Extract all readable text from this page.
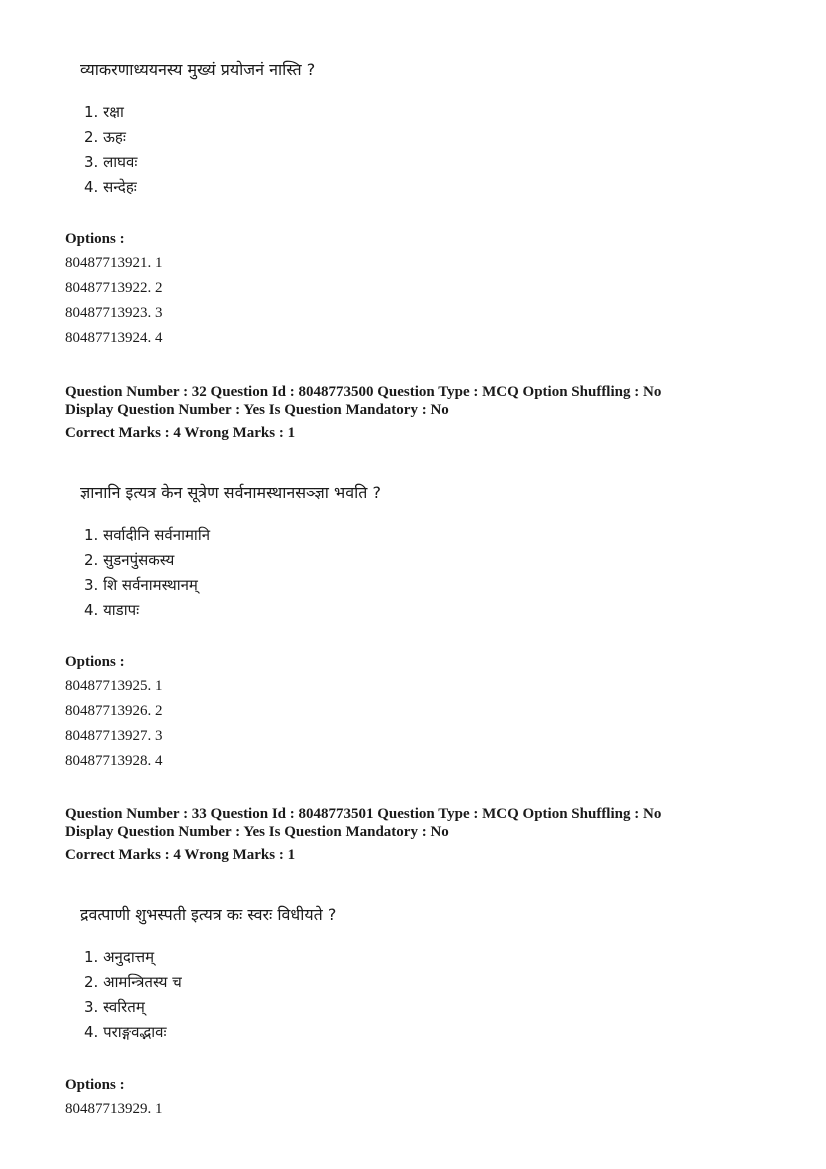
व्याकरणाध्ययनस्य मुख्यं प्रयोजनं नास्ति ?

1. रक्षा
2. ऊहः
3. लाघवः
4. सन्देहः

Options :

80487713921. 1
80487713922. 2
80487713923. 3
80487713924. 4
Question Number : 32 Question Id : 8048773500 Question Type : MCQ Option Shuffling : No
Display Question Number : Yes Is Question Mandatory : No
Correct Marks : 4 Wrong Marks : 1

ज्ञानानि इत्यत्र केन सूत्रेण सर्वनामस्थानसञ्ज्ञा भवति ?

1. सर्वादीनि सर्वनामानि
2. सुडनपुंसकस्य
3. शि सर्वनामस्थानम्
4. याडापः

Options :

80487713925. 1
80487713926. 2
80487713927. 3
80487713928. 4
Question Number : 33 Question Id : 8048773501 Question Type : MCQ Option Shuffling : No
Display Question Number : Yes Is Question Mandatory : No
Correct Marks : 4 Wrong Marks : 1

द्रवत्पाणी शुभस्पती इत्यत्र कः स्वरः विधीयते ?

1. अनुदात्तम्
2. आमन्त्रितस्य च
3. स्वरितम्
4. पराङ्गवद्भावः

Options :

80487713929. 1
